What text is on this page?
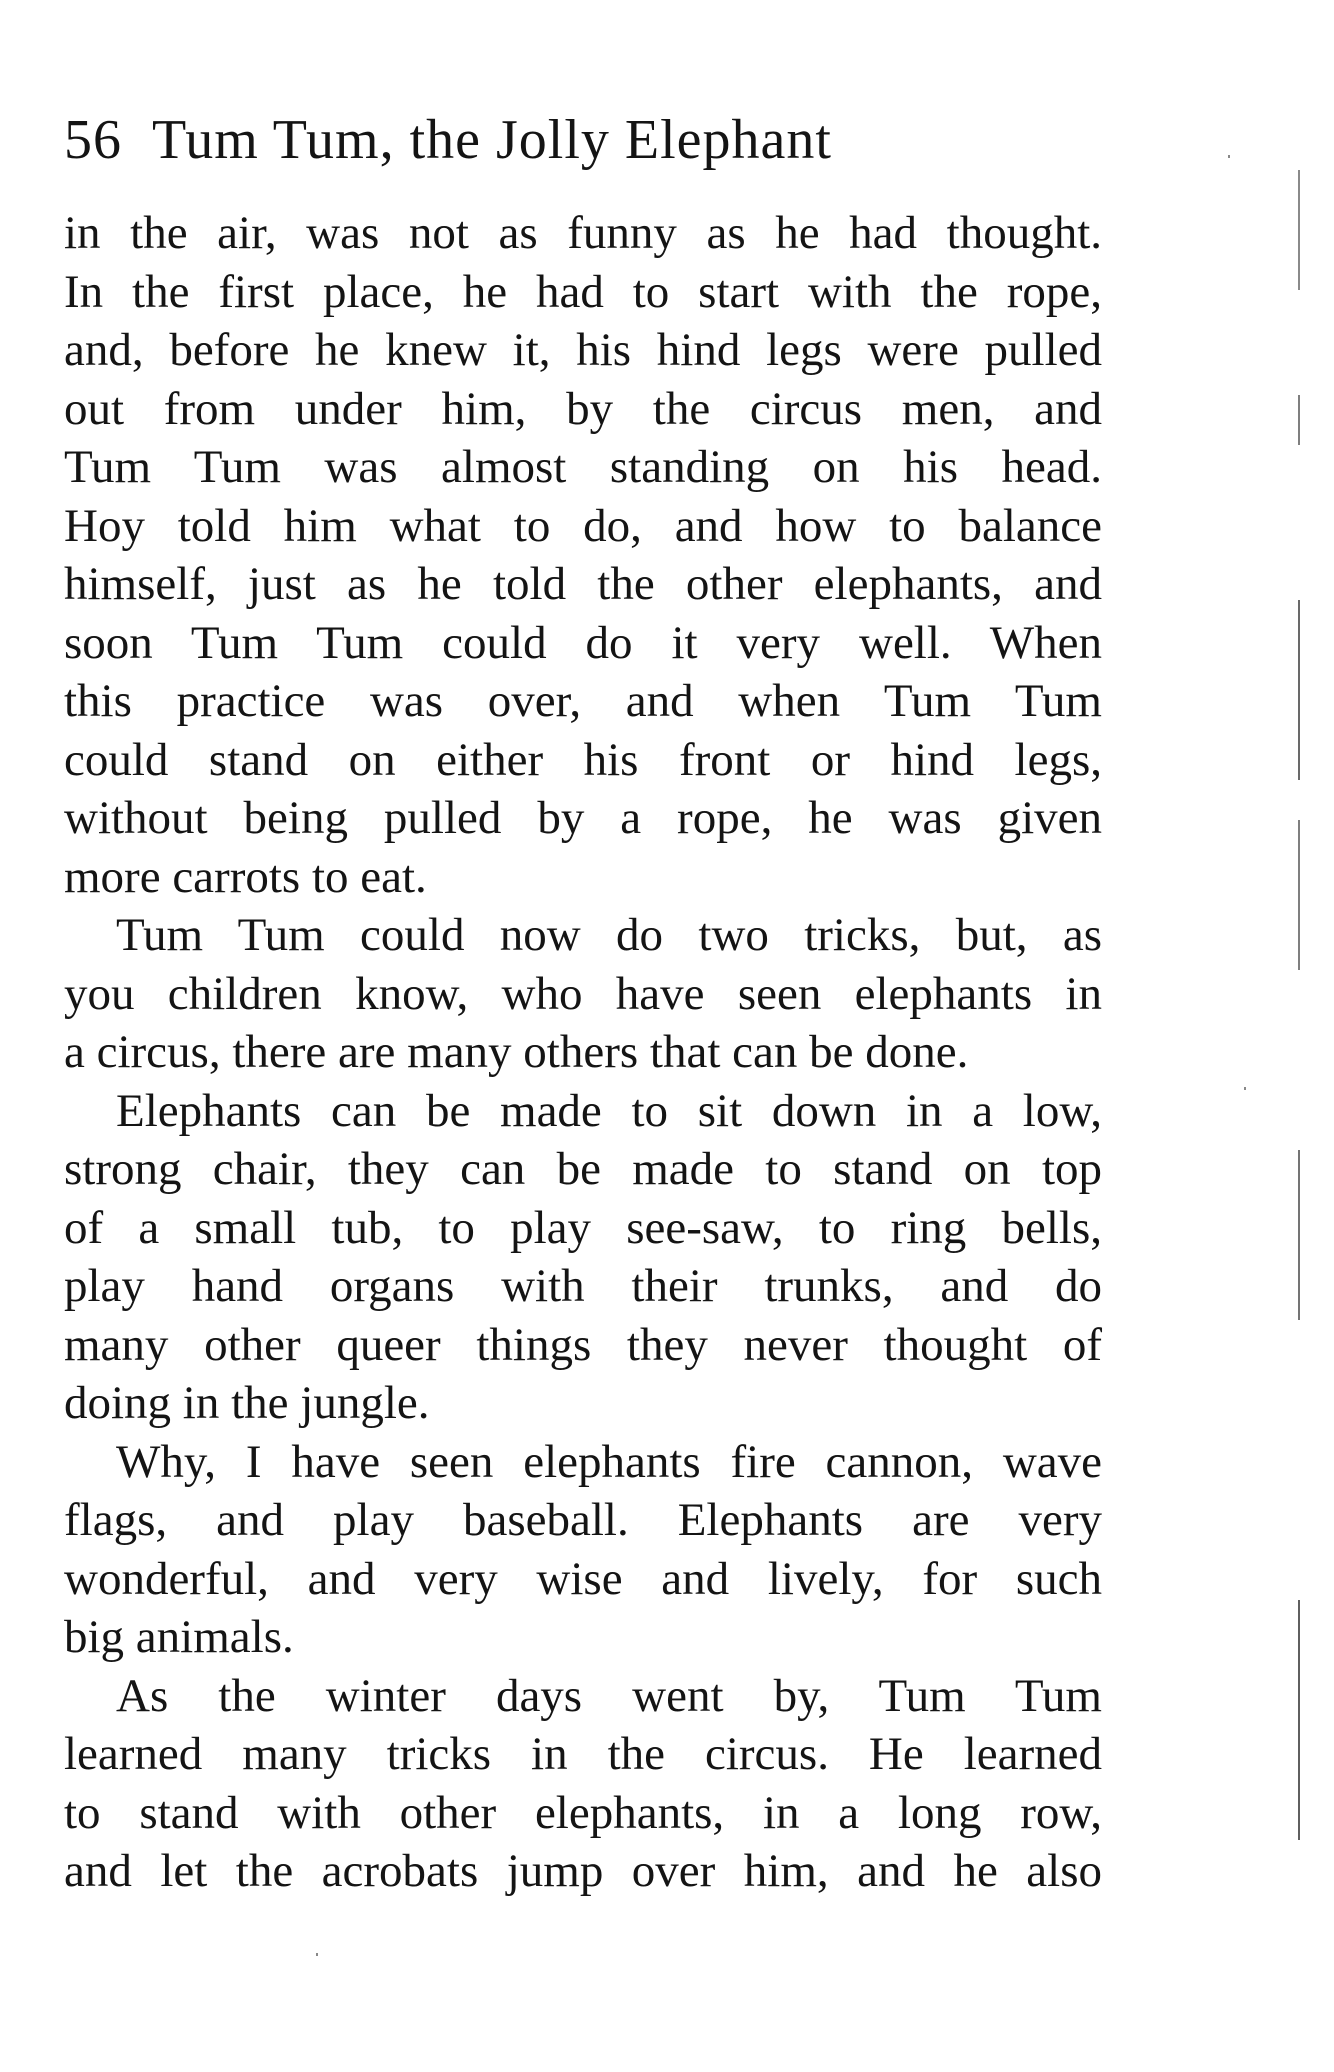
56 Tum Tum, the Jolly Elephant
in the air, was not as funny as he had thought.
In the first place, he had to start with the rope,
and, before he knew it, his hind legs were pulled
out from under him, by the circus men, and
Tum Tum was almost standing on his head.
Hoy told him what to do, and how to balance
himself, just as he told the other elephants, and
soon Tum Tum could do it very well. When
this practice was over, and when Tum Tum
could stand on either his front or hind legs,
without being pulled by a rope, he was given
more carrots to eat.
Tum Tum could now do two tricks, but, as
you children know, who have seen elephants in
a circus, there are many others that can be done.
Elephants can be made to sit down in a low,
strong chair, they can be made to stand on top
of a small tub, to play see-saw, to ring bells,
play hand organs with their trunks, and do
many other queer things they never thought of
doing in the jungle.
Why, I have seen elephants fire cannon, wave
flags, and play baseball. Elephants are very
wonderful, and very wise and lively, for such
big animals.
As the winter days went by, Tum Tum
learned many tricks in the circus. He learned
to stand with other elephants, in a long row,
and let the acrobats jump over him, and he also
